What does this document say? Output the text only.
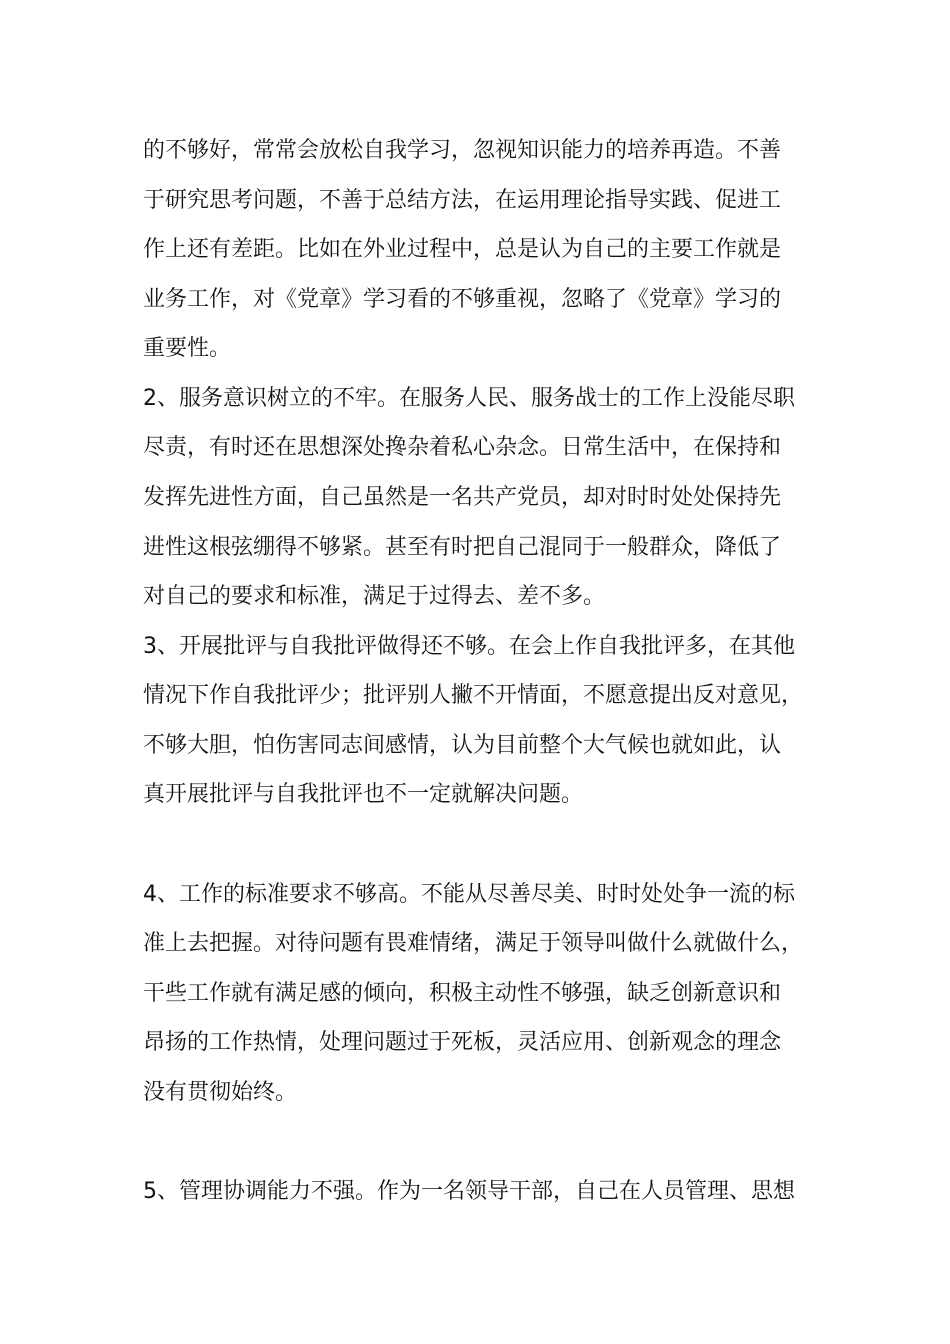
的不够好，常常会放松自我学习，忽视知识能力的培养再造。不善
于研究思考问题，不善于总结方法，在运用理论指导实践、促进工
作上还有差距。比如在外业过程中，总是认为自己的主要工作就是
业务工作，对《党章》学习看的不够重视，忽略了《党章》学习的
重要性。
2、服务意识树立的不牢。在服务人民、服务战士的工作上没能尽职
尽责，有时还在思想深处搀杂着私心杂念。日常生活中，在保持和
发挥先进性方面，自己虽然是一名共产党员，却对时时处处保持先
进性这根弦绷得不够紧。甚至有时把自己混同于一般群众，降低了
对自己的要求和标准，满足于过得去、差不多。
3、开展批评与自我批评做得还不够。在会上作自我批评多，在其他
情况下作自我批评少；批评别人撇不开情面，不愿意提出反对意见，
不够大胆，怕伤害同志间感情，认为目前整个大气候也就如此，认
真开展批评与自我批评也不一定就解决问题。
4、工作的标准要求不够高。不能从尽善尽美、时时处处争一流的标
准上去把握。对待问题有畏难情绪，满足于领导叫做什么就做什么，
干些工作就有满足感的倾向，积极主动性不够强，缺乏创新意识和
昂扬的工作热情，处理问题过于死板，灵活应用、创新观念的理念
没有贯彻始终。
5、管理协调能力不强。作为一名领导干部，自己在人员管理、思想
